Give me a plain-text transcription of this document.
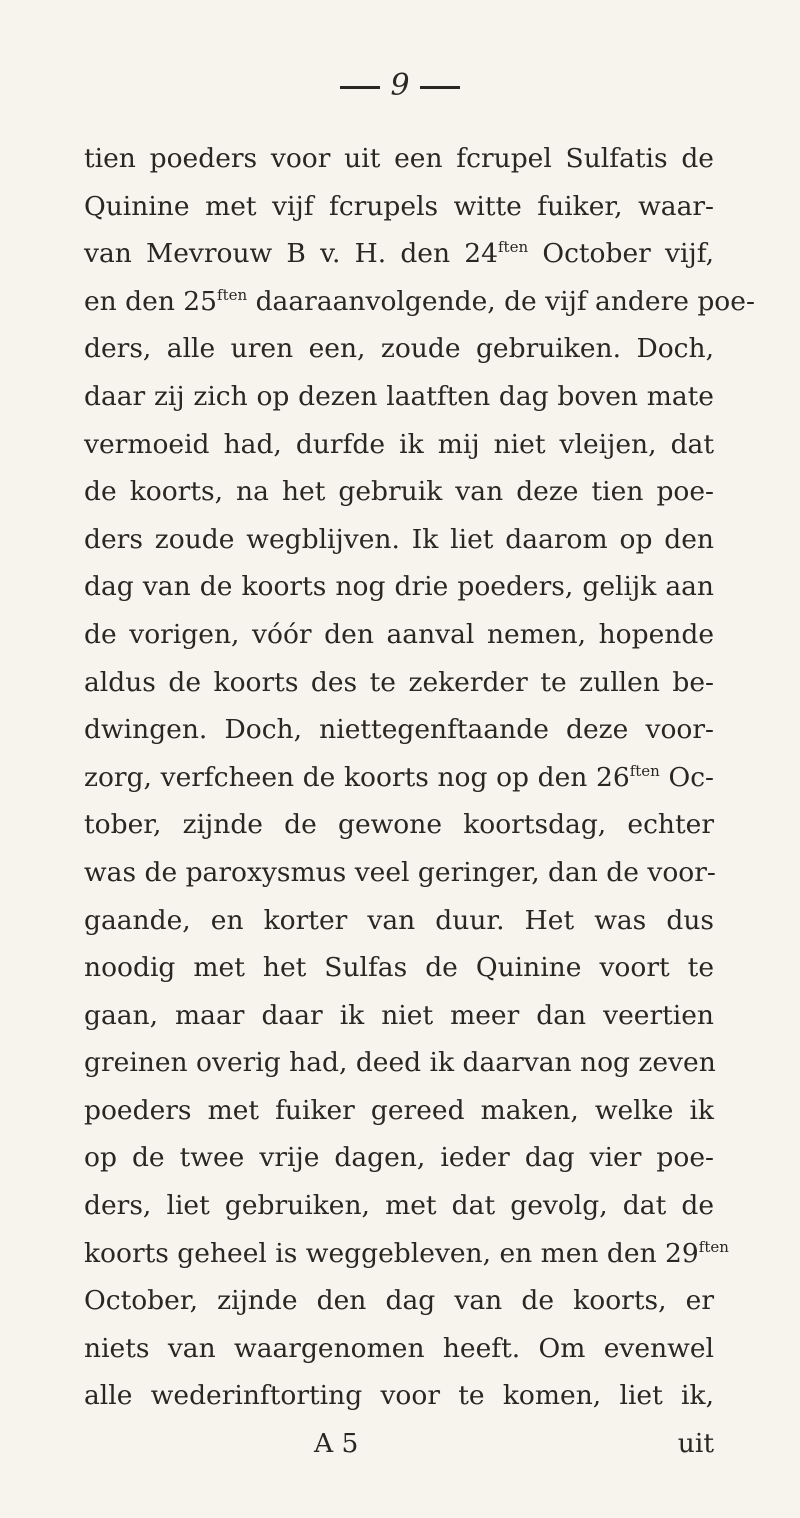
9
tien poeders voor uit een fcrupel Sulfatis de
Quinine met vijf fcrupels witte fuiker, waar-
van Mevrouw B v. H. den $24^{ften}$ October vijf,
en den $25^{ften}$ daaraanvolgende, de vijf andere poe-
ders, alle uren een, zoude gebruiken. Doch,
daar zij zich op dezen laatften dag boven mate
vermoeid had, durfde ik mij niet vleijen, dat
de koorts, na het gebruik van deze tien poe-
ders zoude wegblijven. Ik liet daarom op den
dag van de koorts nog drie poeders, gelijk aan
de vorigen, vóór den aanval nemen, hopende
aldus de koorts des te zekerder te zullen be-
dwingen. Doch, niettegenftaande deze voor-
zorg, verfcheen de koorts nog op den $26^{ften}$ Oc-
tober, zijnde de gewone koortsdag, echter
was de paroxysmus veel geringer, dan de voor-
gaande, en korter van duur. Het was dus
noodig met het Sulfas de Quinine voort te
gaan, maar daar ik niet meer dan veertien
greinen overig had, deed ik daarvan nog zeven
poeders met fuiker gereed maken, welke ik
op de twee vrije dagen, ieder dag vier poe-
ders, liet gebruiken, met dat gevolg, dat de
koorts geheel is weggebleven, en men den $29^{ften}$
October, zijnde den dag van de koorts, er
niets van waargenomen heeft. Om evenwel
alle wederinftorting voor te komen, liet ik,
A 5	uit
